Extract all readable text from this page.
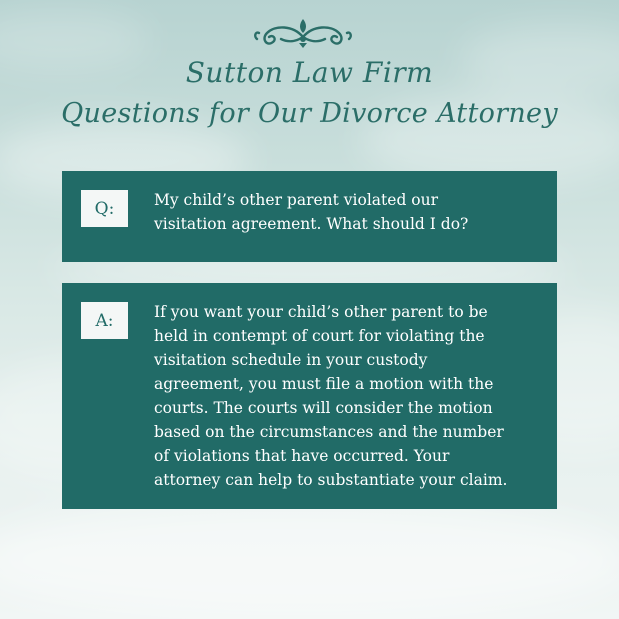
Sutton Law Firm
Questions for Our Divorce Attorney
Q:	My child’s other parent violated our
visitation agreement. What should I do?

A:	If you want your child’s other parent to be
held in contempt of court for violating the
visitation schedule in your custody
agreement, you must file a motion with the
courts. The courts will consider the motion
based on the circumstances and the number
of violations that have occurred. Your
attorney can help to substantiate your claim.
